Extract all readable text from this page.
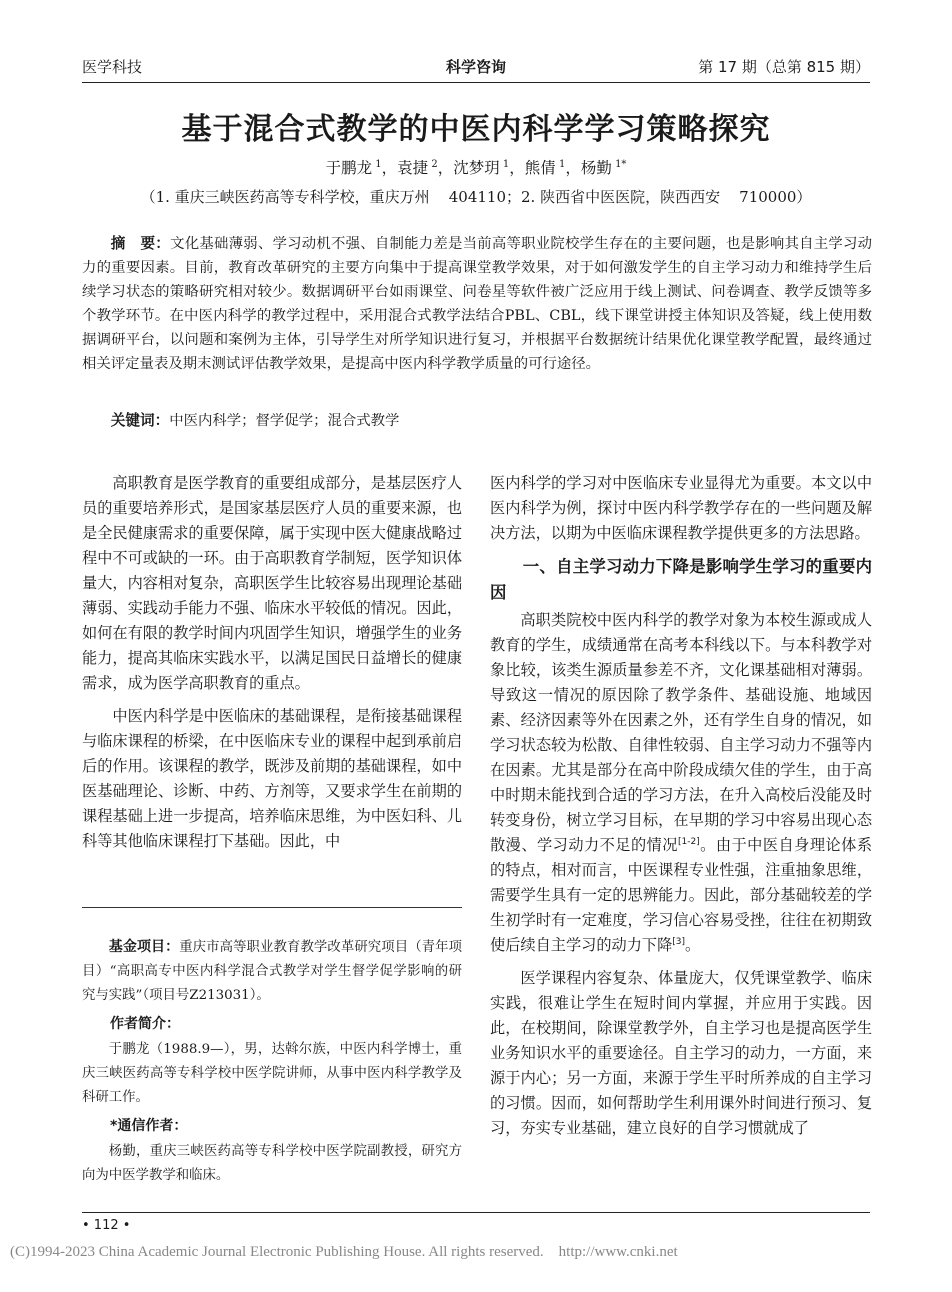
医学科技	科学咨询	第 17 期（总第 815 期）
基于混合式教学的中医内科学学习策略探究
于鹏龙 $^1$，袁捷 $^2$，沈梦玥 $^1$，熊倩 $^1$，杨勤 $^{1*}$
（1. 重庆三峡医药高等专科学校，重庆万州    404110；2. 陕西省中医医院，陕西西安    710000）

摘　要：文化基础薄弱、学习动机不强、自制能力差是当前高等职业院校学生存在的主要问题，也是影响其自主学习动力的重要因素。目前，教育改革研究的主要方向集中于提高课堂教学效果，对于如何激发学生的自主学习动力和维持学生后续学习状态的策略研究相对较少。数据调研平台如雨课堂、问卷星等软件被广泛应用于线上测试、问卷调查、教学反馈等多个教学环节。在中医内科学的教学过程中，采用混合式教学法结合PBL、CBL，线下课堂讲授主体知识及答疑，线上使用数据调研平台，以问题和案例为主体，引导学生对所学知识进行复习，并根据平台数据统计结果优化课堂教学配置，最终通过相关评定量表及期末测试评估教学效果，是提高中医内科学教学质量的可行途径。

关键词：中医内科学；督学促学；混合式教学

高职教育是医学教育的重要组成部分，是基层医疗人员的重要培养形式，是国家基层医疗人员的重要来源，也是全民健康需求的重要保障，属于实现中医大健康战略过程中不可或缺的一环。由于高职教育学制短，医学知识体量大，内容相对复杂，高职医学生比较容易出现理论基础薄弱、实践动手能力不强、临床水平较低的情况。因此，如何在有限的教学时间内巩固学生知识，增强学生的业务能力，提高其临床实践水平，以满足国民日益增长的健康需求，成为医学高职教育的重点。

中医内科学是中医临床的基础课程，是衔接基础课程与临床课程的桥梁，在中医临床专业的课程中起到承前启后的作用。该课程的教学，既涉及前期的基础课程，如中医基础理论、诊断、中药、方剂等，又要求学生在前期的课程基础上进一步提高，培养临床思维，为中医妇科、儿科等其他临床课程打下基础。因此，中

医内科学的学习对中医临床专业显得尤为重要。本文以中医内科学为例，探讨中医内科学教学存在的一些问题及解决方法，以期为中医临床课程教学提供更多的方法思路。

一、自主学习动力下降是影响学生学习的重要内因

高职类院校中医内科学的教学对象为本校生源或成人教育的学生，成绩通常在高考本科线以下。与本科教学对象比较，该类生源质量参差不齐，文化课基础相对薄弱。导致这一情况的原因除了教学条件、基础设施、地域因素、经济因素等外在因素之外，还有学生自身的情况，如学习状态较为松散、自律性较弱、自主学习动力不强等内在因素。尤其是部分在高中阶段成绩欠佳的学生，由于高中时期未能找到合适的学习方法，在升入高校后没能及时转变身份，树立学习目标，在早期的学习中容易出现心态散漫、学习动力不足的情况[1-2]。由于中医自身理论体系的特点，相对而言，中医课程专业性强，注重抽象思维，需要学生具有一定的思辨能力。因此，部分基础较差的学生初学时有一定难度，学习信心容易受挫，往往在初期致使后续自主学习的动力下降[3]。

医学课程内容复杂、体量庞大，仅凭课堂教学、临床实践，很难让学生在短时间内掌握，并应用于实践。因此，在校期间，除课堂教学外，自主学习也是提高医学生业务知识水平的重要途径。自主学习的动力，一方面，来源于内心；另一方面，来源于学生平时所养成的自主学习的习惯。因而，如何帮助学生利用课外时间进行预习、复习，夯实专业基础，建立良好的自学习惯就成了

基金项目：重庆市高等职业教育教学改革研究项目（青年项目）“高职高专中医内科学混合式教学对学生督学促学影响的研究与实践”（项目号Z213031）。

作者简介：

于鹏龙（1988.9—），男，达斡尔族，中医内科学博士，重庆三峡医药高等专科学校中医学院讲师，从事中医内科学教学及科研工作。

*通信作者：

杨勤，重庆三峡医药高等专科学校中医学院副教授，研究方向为中医学教学和临床。

• 112 •
(C)1994-2023 China Academic Journal Electronic Publishing House. All rights reserved.    http://www.cnki.net
